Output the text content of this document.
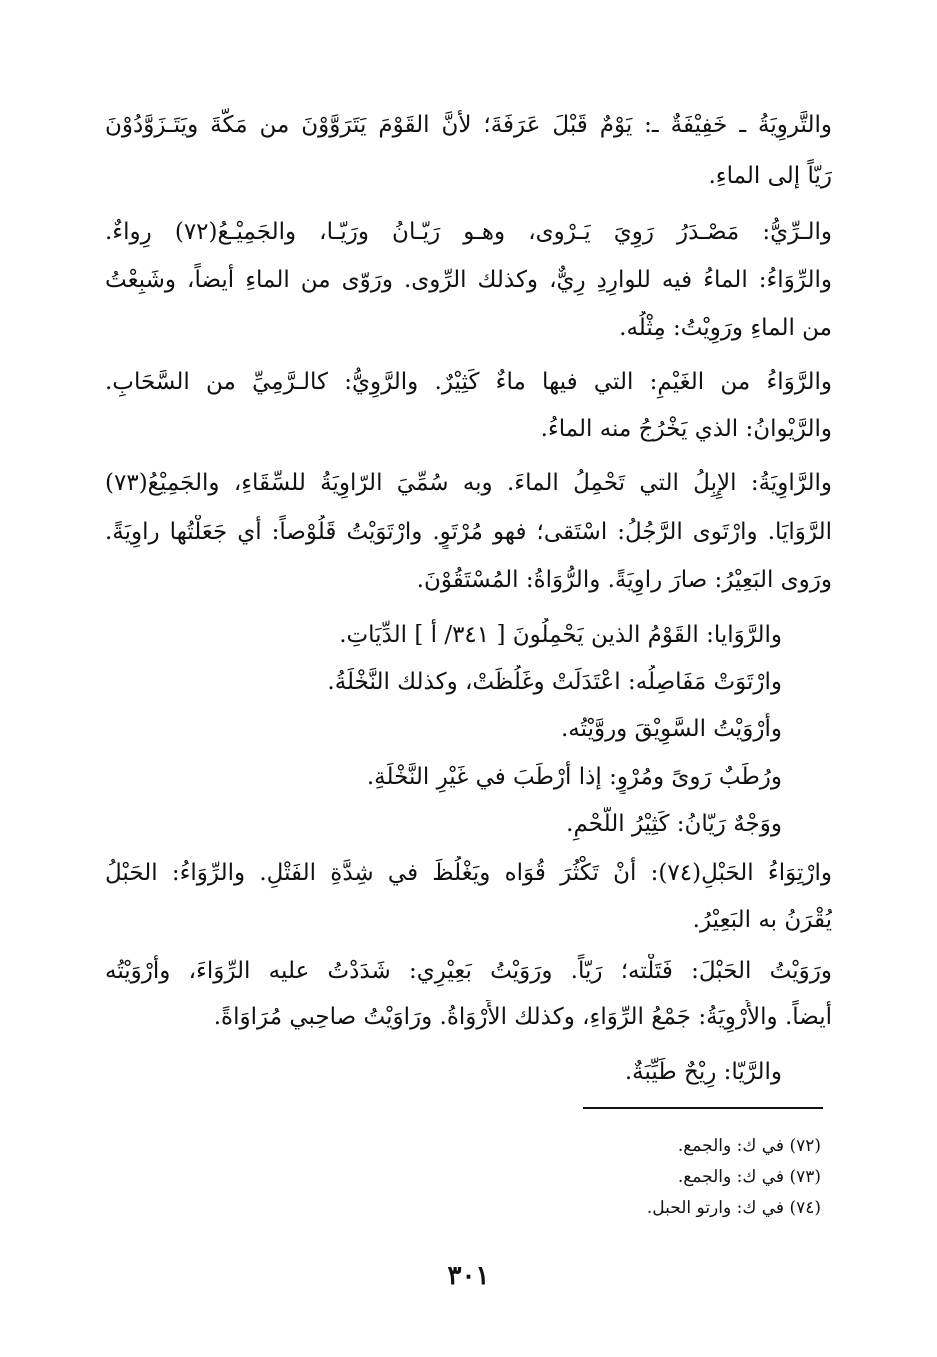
والتَّروِيَةُ ـ خَفِيْفَةٌ ـ: يَوْمٌ قَبْلَ عَرَفَةَ؛ لأنَّ القَوْمَ يَتَرَوَّوْنَ من مَكَّةَ ويَتَـزَوَّدُوْنَ
رَيّاً إلى الماءِ.
والـرِّيُّ: مَصْـدَرُ رَوِيَ يَـرْوى، وهـو رَيّـانُ ورَيّـا، والجَمِيْـعُ(٧٢) رِواءٌ.
والرِّوَاءُ: الماءُ فيه للوارِدِ رِيٌّ، وكذلك الرِّوى. ورَوّى من الماءِ أيضاً، وشَبِعْتُ
من الماءِ ورَوِيْتُ: مِثْلُه.
والرَّوَاءُ من الغَيْمِ: التي فيها ماءٌ كَثِيْرٌ. والرَّوِيُّ: كالـرَّمِيِّ من السَّحَابِ.
والرَّيْوانُ: الذي يَخْرُجُ منه الماءُ.
والرَّاوِيَةُ: الإِبِلُ التي تَحْمِلُ الماءَ. وبه سُمِّيَ الرّاوِيَةُ للسِّقَاءِ، والجَمِيْعُ(٧٣)
الرَّوَايَا. وارْتَوى الرَّجُلُ: اسْتَقى؛ فهو مُرْتَوٍ. وارْتَوَيْتُ قَلُوْصاً: أي جَعَلْتُها راوِيَةً.
ورَوى البَعِيْرُ: صارَ راوِيَةً. والرُّوَاةُ: المُسْتَقُوْنَ.
والرَّوَايا: القَوْمُ الذين يَحْمِلُونَ [ ٣٤١/ أ ] الدِّيَاتِ.
وارْتَوَتْ مَفَاصِلُه: اعْتَدَلَتْ وغَلُظَتْ، وكذلك النَّخْلَةُ.
وأَرْوَيْتُ السَّوِيْقَ وروَّيْتُه.
ورُطَبٌ رَوىً ومُرْوٍ: إذا أرْطَبَ في غَيْرِ النَّخْلَةِ.
ووَجْهٌ رَيّانُ: كَثِيْرُ اللَّحْمِ.
وارْتِوَاءُ الحَبْلِ(٧٤): أنْ تَكْثُرَ قُوَاه ويَغْلُظَ في شِدَّةِ الفَتْلِ. والرِّوَاءُ: الحَبْلُ
يُقْرَنُ به البَعِيْرُ.
ورَوَيْتُ الحَبْلَ: فَتَلْته؛ رَيّاً. ورَوَيْتُ بَعِيْرِي: شَدَدْتُ عليه الرِّوَاءَ، وأرْوَيْتُه
أيضاً. والأُرْوِيَةُ: جَمْعُ الرِّوَاءِ، وكذلك الأَرْوَاةُ. ورَاوَيْتُ صاحِبي مُرَاوَاةً.
والرَّيّا: رِيْحٌ طَيِّبَةٌ.
(٧٢) في ك: والجمع.
(٧٣) في ك: والجمع.
(٧٤) في ك: وارتو الحبل.
٣٠١
